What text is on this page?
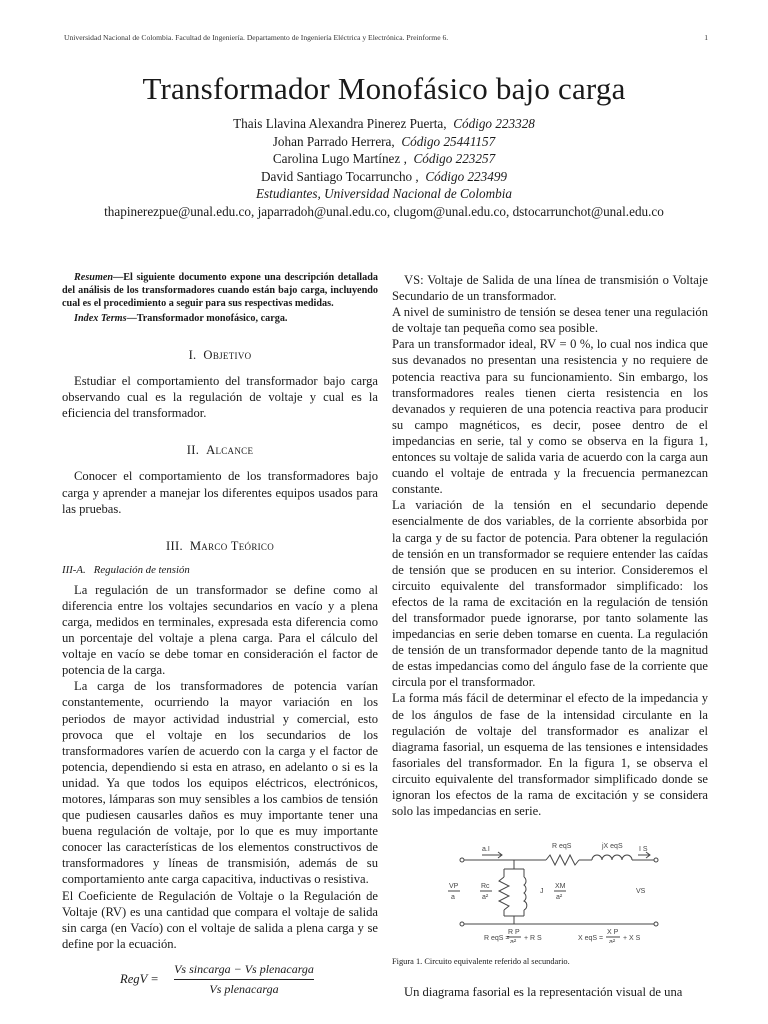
Universidad Nacional de Colombia. Facultad de Ingeniería. Departamento de Ingeniería Eléctrica y Electrónica. Preinforme 6.	1
Transformador Monofásico bajo carga
Thais Llavina Alexandra Pinerez Puerta, Código 223328
Johan Parrado Herrera, Código 25441157
Carolina Lugo Martínez , Código 223257
David Santiago Tocarruncho , Código 223499
Estudiantes, Universidad Nacional de Colombia
thapinerezpue@unal.edu.co, japarradoh@unal.edu.co, clugom@unal.edu.co, dstocarrunchot@unal.edu.co
Resumen—El siguiente documento expone una descripción detallada del análisis de los transformadores cuando están bajo carga, incluyendo cual es el procedimiento a seguir para sus respectivas medidas.
Index Terms—Transformador monofásico, carga.
I. Objetivo

Estudiar el comportamiento del transformador bajo carga observando cual es la regulación de voltaje y cual es la eficiencia del transformador.

II. Alcance

Conocer el comportamiento de los transformadores bajo carga y aprender a manejar los diferentes equipos usados para las pruebas.

III. Marco Teórico
III-A. Regulación de tensión

La regulación de un transformador se define como al diferencia entre los voltajes secundarios en vacío y a plena carga, medidos en terminales, expresada esta diferencia como un porcentaje del voltaje a plena carga. Para el cálculo del voltaje en vacío se debe tomar en consideración el factor de potencia de la carga.

La carga de los transformadores de potencia varían constantemente, ocurriendo la mayor variación en los periodos de mayor actividad industrial y comercial, esto provoca que el voltaje en los secundarios de los transformadores varíen de acuerdo con la carga y el factor de potencia, dependiendo si esta en atraso, en adelanto o si es la unidad. Ya que todos los equipos eléctricos, electrónicos, motores, lámparas son muy sensibles a los cambios de tensión que pudiesen causarles daños es muy importante tener una buena regulación de voltaje, por lo que es muy importante conocer las características de los elementos constructivos de transformadores y líneas de transmisión, además de su comportamiento ante carga capacitiva, inductivas o resistiva.

El Coeficiente de Regulación de Voltaje o la Regulación de Voltaje (RV) es una cantidad que compara el voltaje de salida sin carga (en Vacío) con el voltaje de salida a plena carga y se define por la ecuación.

RegV =
Vs sincarga − Vs plenacarga
Vs plenacarga

VS: Voltaje de Salida de una línea de transmisión o Voltaje Secundario de un transformador.

A nivel de suministro de tensión se desea tener una regulación de voltaje tan pequeña como sea posible.

Para un transformador ideal, RV = 0 %, lo cual nos indica que sus devanados no presentan una resistencia y no requiere de potencia reactiva para su funcionamiento. Sin embargo, los transformadores reales tienen cierta resistencia en los devanados y requieren de una potencia reactiva para producir su campo magnéticos, es decir, posee dentro de el impedancias en serie, tal y como se observa en la figura 1, entonces su voltaje de salida varia de acuerdo con la carga aun cuando el voltaje de entrada y la frecuencia permanezcan constante.

La variación de la tensión en el secundario depende esencialmente de dos variables, de la corriente absorbida por la carga y de su factor de potencia. Para obtener la regulación de tensión en un transformador se requiere entender las caídas de tensión que se producen en su interior. Consideremos el circuito equivalente del transformador simplificado: los efectos de la rama de excitación en la regulación de tensión del transformador puede ignorarse, por tanto solamente las impedancias en serie deben tomarse en cuenta. La regulación de tensión de un transformador depende tanto de la magnitud de estas impedancias como del ángulo fase de la corriente que circula por el transformador.

La forma más fácil de determinar el efecto de la impedancia y de los ángulos de fase de la intensidad circulante en la regulación de voltaje del transformador es analizar el diagrama fasorial, un esquema de las tensiones e intensidades fasoriales del transformador. En la figura 1, se observa el circuito equivalente del transformador simplificado donde se ignoran los efectos de la rama de excitación y se considera solo las impedancias en serie.

a.I	R eqS	jX eqS I S
VP
a
Rc
a²
J
XM
a²
VS
R eqS =
R P
a²
+ R S	X eqS =
X P
a²
+ X S
Figura 1. Circuito equivalente referido al secundario.

Un diagrama fasorial es la representación visual de una
